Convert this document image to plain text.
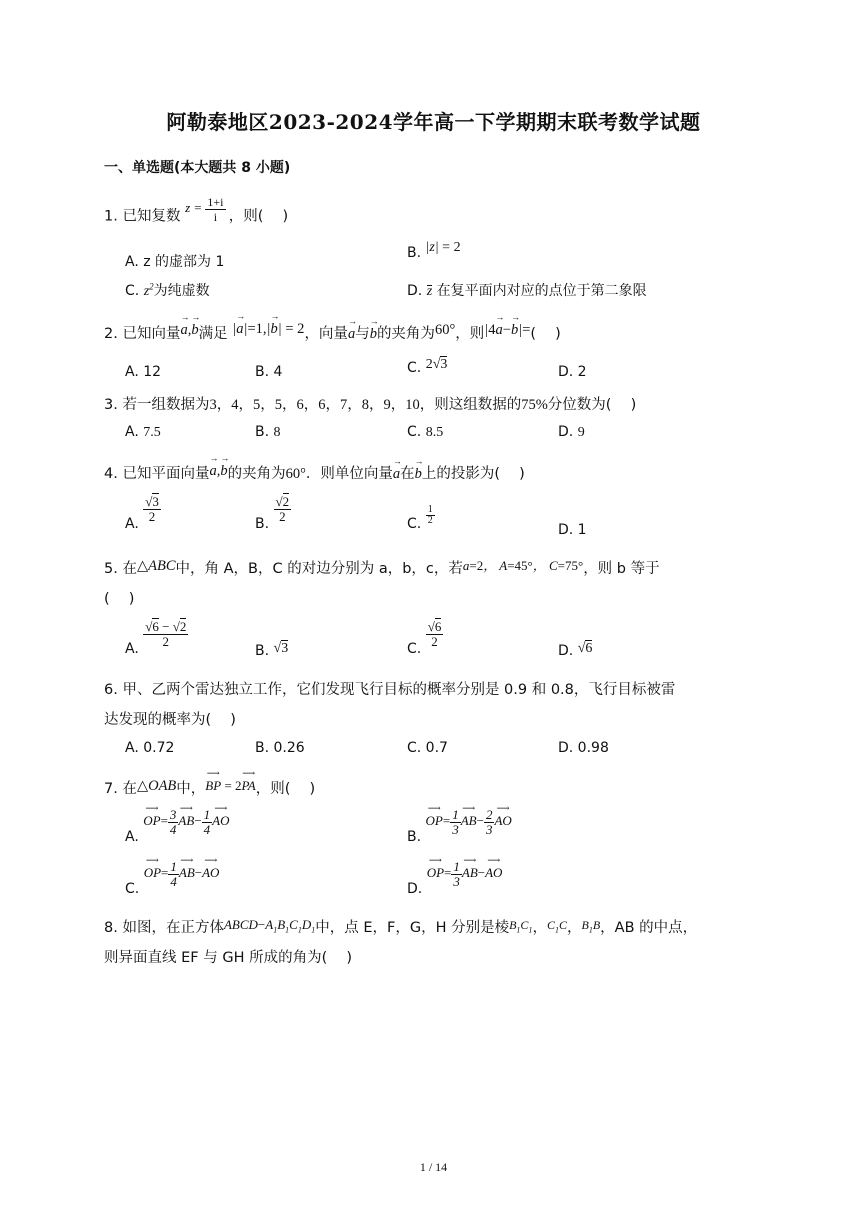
阿勒泰地区2023-2024学年高一下学期期末联考数学试题
一、单选题(本大题共 8 小题)
1. 已知复数 $z = \frac{1+i}{i}$ ，则(　 )
A. z 的虚部为 1
B. |z| = 2
C. $z^2$为纯虚数	D. z 在复平面内对应的点位于第二象限
2. 已知向量a
→
,b
→
满足 |a
→
|=1,|b
→
| = 2，向量a
→
与b
→
的夹角为60°，则|4a
→
−b
→
|=(　 )
A. 12	B. 4	C. 2√3	D. 2
3. 若一组数据为3，4，5，5，6，6，7，8，9，10，则这组数据的75%分位数为(　 )
A. 7.5	B. 8	C. 8.5	D. 9
4. 已知平面向量a
→
,b
→
的夹角为60°．则单位向量a
→
在b
→
上的投影为(　 )
A. $\frac{√3}{2}$	B. $\frac{√2}{2}$	C. $\frac{1}{2}$
D. 1
5. 在△ABC中，角 A，B，C 的对边分别为 a，b，c，若a=2， A=45°， C=75°，则 b 等于
(　 )
A. $\frac{√6 - √2}{2}$
B. √3	C. $\frac{√6}{2}$
D. √6
6. 甲、乙两个雷达独立工作，它们发现飞行目标的概率分别是 0.9 和 0.8，飞行目标被雷
达发现的概率为(　 )
A. 0.72	B. 0.26	C. 0.7	D. 0.98
7. 在△OAB中，BP
⟶
= 2PA
⟶
，则(　 )
A. OP
⟶
= $\frac{3}{4}$ AB
⟶
− $\frac{1}{4}$ AO
⟶
B. OP
⟶
= $\frac{1}{3}$ AB
⟶
− $\frac{2}{3}$ AO
⟶
C. OP
⟶
= $\frac{1}{4}$ AB
⟶
−AO
⟶
D. OP
⟶
= $\frac{1}{3}$ AB
⟶
−AO
⟶
8. 如图，在正方体$ABCD-A_1B_1C_1D_1$中，点 E，F，G，H 分别是棱$^{B_1C_1}$，$^{C_1C}$，$^{B_1B}$，AB 的中点，
则异面直线 EF 与 GH 所成的角为(　 )
1 / 14
